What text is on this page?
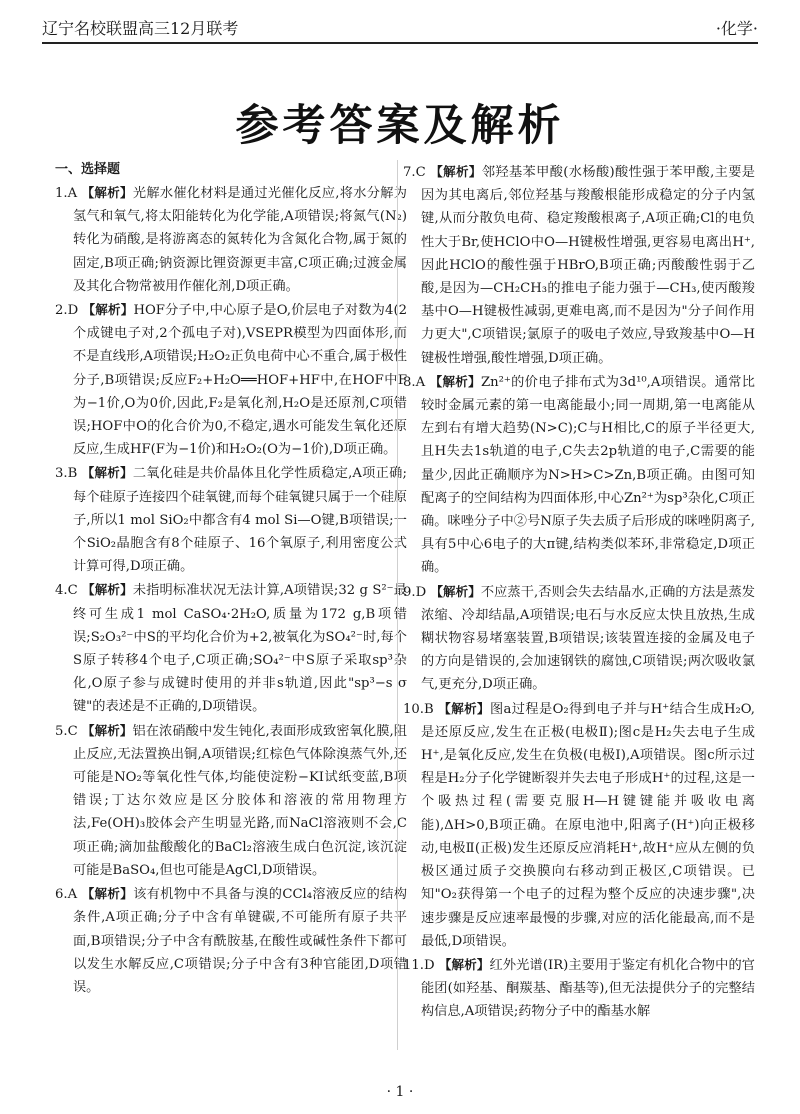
辽宁名校联盟高三12月联考	·化学·
参考答案及解析
一、选择题

1.A 【解析】光解水催化材料是通过光催化反应,将水分解为氢气和氧气,将太阳能转化为化学能,A项错误;将氮气(N₂)转化为硝酸,是将游离态的氮转化为含氮化合物,属于氮的固定,B项正确;钠资源比锂资源更丰富,C项正确;过渡金属及其化合物常被用作催化剂,D项正确。

2.D 【解析】HOF分子中,中心原子是O,价层电子对数为4(2个成键电子对,2个孤电子对),VSEPR模型为四面体形,而不是直线形,A项错误;H₂O₂正负电荷中心不重合,属于极性分子,B项错误;反应F₂+H₂O══HOF+HF中,在HOF中F为−1价,O为0价,因此,F₂是氧化剂,H₂O是还原剂,C项错误;HOF中O的化合价为0,不稳定,遇水可能发生氧化还原反应,生成HF(F为−1价)和H₂O₂(O为−1价),D项正确。

3.B 【解析】二氧化硅是共价晶体且化学性质稳定,A项正确;每个硅原子连接四个硅氧键,而每个硅氧键只属于一个硅原子,所以1 mol SiO₂中都含有4 mol Si—O键,B项错误;一个SiO₂晶胞含有8个硅原子、16个氧原子,利用密度公式计算可得,D项正确。

4.C 【解析】未指明标准状况无法计算,A项错误;32 g S²⁻最终可生成1 mol CaSO₄·2H₂O,质量为172 g,B项错误;S₂O₃²⁻中S的平均化合价为+2,被氧化为SO₄²⁻时,每个S原子转移4个电子,C项正确;SO₄²⁻中S原子采取sp³杂化,O原子参与成键时使用的并非s轨道,因此"sp³−s σ键"的表述是不正确的,D项错误。

5.C 【解析】铝在浓硝酸中发生钝化,表面形成致密氧化膜,阻止反应,无法置换出铜,A项错误;红棕色气体除溴蒸气外,还可能是NO₂等氧化性气体,均能使淀粉−KI试纸变蓝,B项错误;丁达尔效应是区分胶体和溶液的常用物理方法,Fe(OH)₃胶体会产生明显光路,而NaCl溶液则不会,C项正确;滴加盐酸酸化的BaCl₂溶液生成白色沉淀,该沉淀可能是BaSO₄,但也可能是AgCl,D项错误。

6.A 【解析】该有机物中不具备与溴的CCl₄溶液反应的结构条件,A项正确;分子中含有单键碳,不可能所有原子共平面,B项错误;分子中含有酰胺基,在酸性或碱性条件下都可以发生水解反应,C项错误;分子中含有3种官能团,D项错误。

7.C 【解析】邻羟基苯甲酸(水杨酸)酸性强于苯甲酸,主要是因为其电离后,邻位羟基与羧酸根能形成稳定的分子内氢键,从而分散负电荷、稳定羧酸根离子,A项正确;Cl的电负性大于Br,使HClO中O—H键极性增强,更容易电离出H⁺,因此HClO的酸性强于HBrO,B项正确;丙酸酸性弱于乙酸,是因为—CH₂CH₃的推电子能力强于—CH₃,使丙酸羧基中O—H键极性减弱,更难电离,而不是因为"分子间作用力更大",C项错误;氯原子的吸电子效应,导致羧基中O—H键极性增强,酸性增强,D项正确。

8.A 【解析】Zn²⁺的价电子排布式为3d¹⁰,A项错误。通常比较时金属元素的第一电离能最小;同一周期,第一电离能从左到右有增大趋势(N>C);C与H相比,C的原子半径更大,且H失去1s轨道的电子,C失去2p轨道的电子,C需要的能量少,因此正确顺序为N>H>C>Zn,B项正确。由图可知配离子的空间结构为四面体形,中心Zn²⁺为sp³杂化,C项正确。咪唑分子中②号N原子失去质子后形成的咪唑阴离子,具有5中心6电子的大π键,结构类似苯环,非常稳定,D项正确。

9.D 【解析】不应蒸干,否则会失去结晶水,正确的方法是蒸发浓缩、冷却结晶,A项错误;电石与水反应太快且放热,生成糊状物容易堵塞装置,B项错误;该装置连接的金属及电子的方向是错误的,会加速钢铁的腐蚀,C项错误;两次吸收氯气,更充分,D项正确。

10.B 【解析】图a过程是O₂得到电子并与H⁺结合生成H₂O,是还原反应,发生在正极(电极Ⅱ);图c是H₂失去电子生成H⁺,是氧化反应,发生在负极(电极Ⅰ),A项错误。图c所示过程是H₂分子化学键断裂并失去电子形成H⁺的过程,这是一个吸热过程(需要克服H—H键键能并吸收电离能),ΔH>0,B项正确。在原电池中,阳离子(H⁺)向正极移动,电极Ⅱ(正极)发生还原反应消耗H⁺,故H⁺应从左侧的负极区通过质子交换膜向右移动到正极区,C项错误。已知"O₂获得第一个电子的过程为整个反应的决速步骤",决速步骤是反应速率最慢的步骤,对应的活化能最高,而不是最低,D项错误。

11.D 【解析】红外光谱(IR)主要用于鉴定有机化合物中的官能团(如羟基、酮羰基、酯基等),但无法提供分子的完整结构信息,A项错误;药物分子中的酯基水解

· 1 ·
